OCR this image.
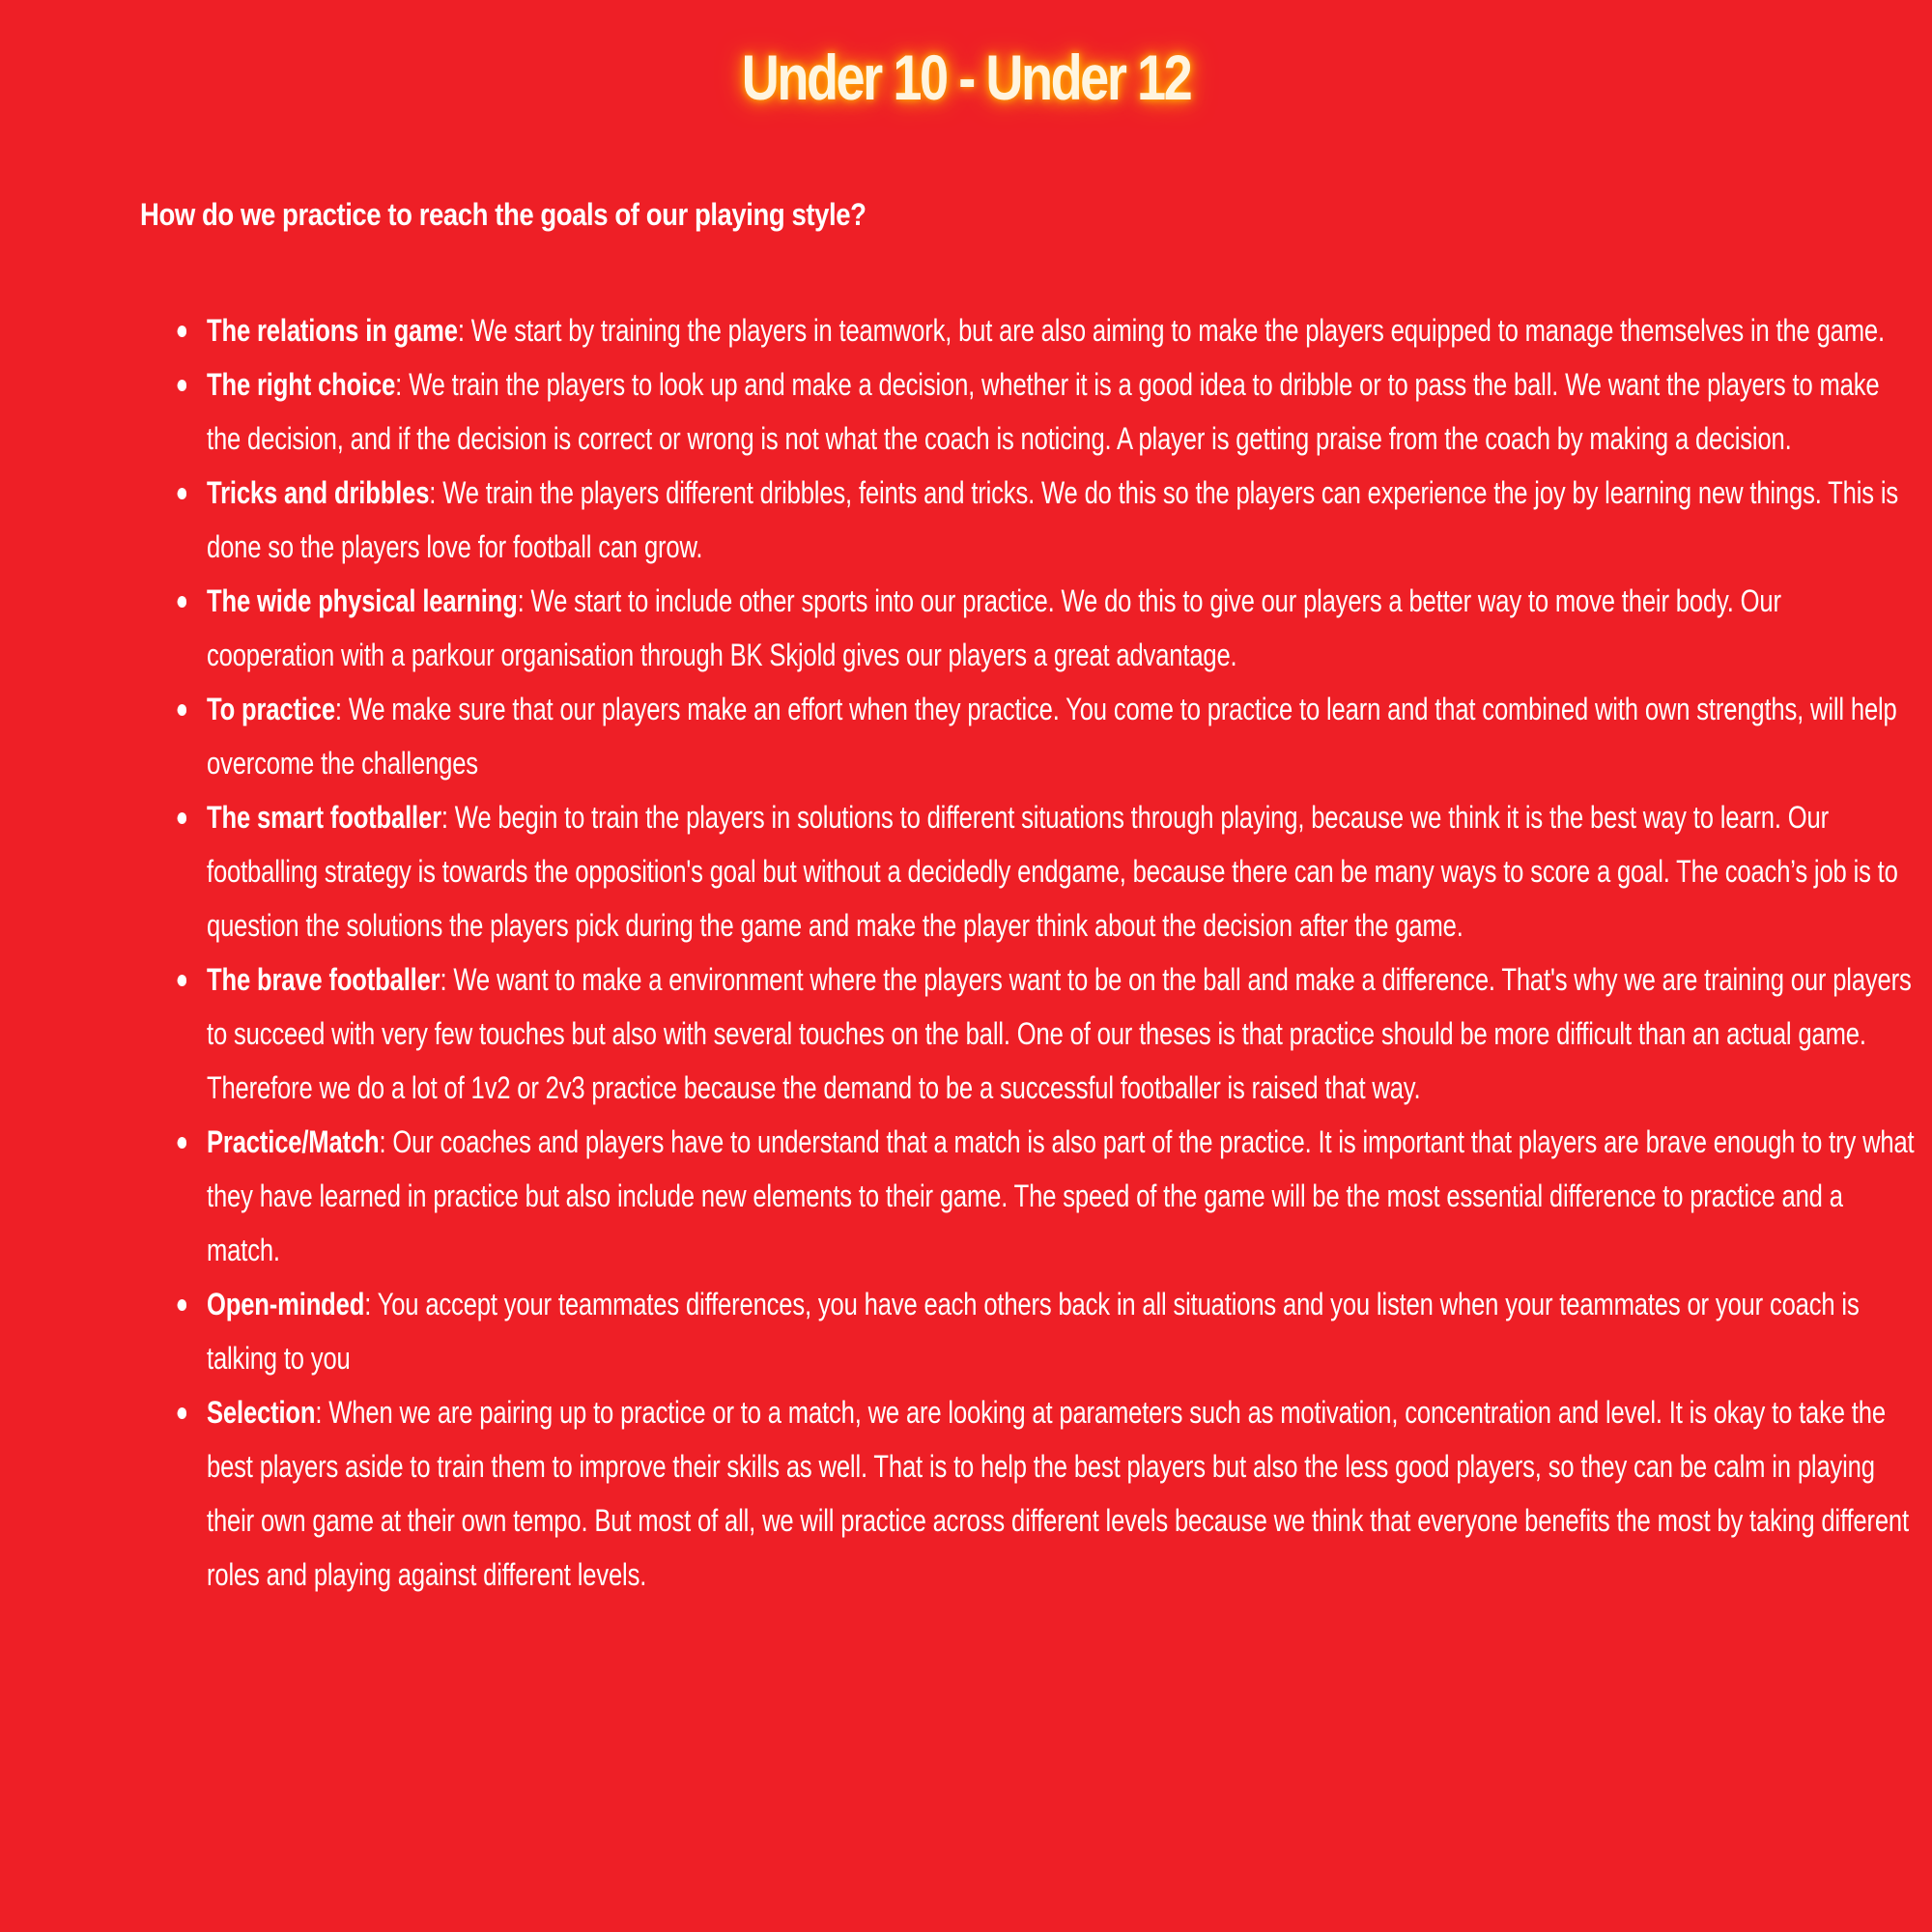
Under 10 - Under 12
How do we practice to reach the goals of our playing style?
The relations in game: We start by training the players in teamwork, but are also aiming to make the players equipped to manage themselves in the game.
The right choice: We train the players to look up and make a decision, whether it is a good idea to dribble or to pass the ball. We want the players to make the decision, and if the decision is correct or wrong is not what the coach is noticing. A player is getting praise from the coach by making a decision.
Tricks and dribbles: We train the players different dribbles, feints and tricks. We do this so the players can experience the joy by learning new things. This is done so the players love for football can grow.
The wide physical learning: We start to include other sports into our practice. We do this to give our players a better way to move their body. Our cooperation with a parkour organisation through BK Skjold gives our players a great advantage.
To practice: We make sure that our players make an effort when they practice. You come to practice to learn and that combined with own strengths, will help overcome the challenges
The smart footballer: We begin to train the players in solutions to different situations through playing, because we think it is the best way to learn. Our footballing strategy is towards the opposition's goal but without a decidedly endgame, because there can be many ways to score a goal. The coach’s job is to question the solutions the players pick during the game and make the player think about the decision after the game.
The brave footballer: We want to make a environment where the players want to be on the ball and make a difference. That's why we are training our players to succeed with very few touches but also with several touches on the ball. One of our theses is that practice should be more difficult than an actual game. Therefore we do a lot of 1v2 or 2v3 practice because the demand to be a successful footballer is raised that way.
Practice/Match: Our coaches and players have to understand that a match is also part of the practice. It is important that players are brave enough to try what they have learned in practice but also include new elements to their game. The speed of the game will be the most essential difference to practice and a match.
Open-minded: You accept your teammates differences, you have each others back in all situations and you listen when your teammates or your coach is talking to you
Selection: When we are pairing up to practice or to a match, we are looking at parameters such as motivation, concentration and level. It is okay to take the best players aside to train them to improve their skills as well. That is to help the best players but also the less good players, so they can be calm in playing their own game at their own tempo. But most of all, we will practice across different levels because we think that everyone benefits the most by taking different roles and playing against different levels.
